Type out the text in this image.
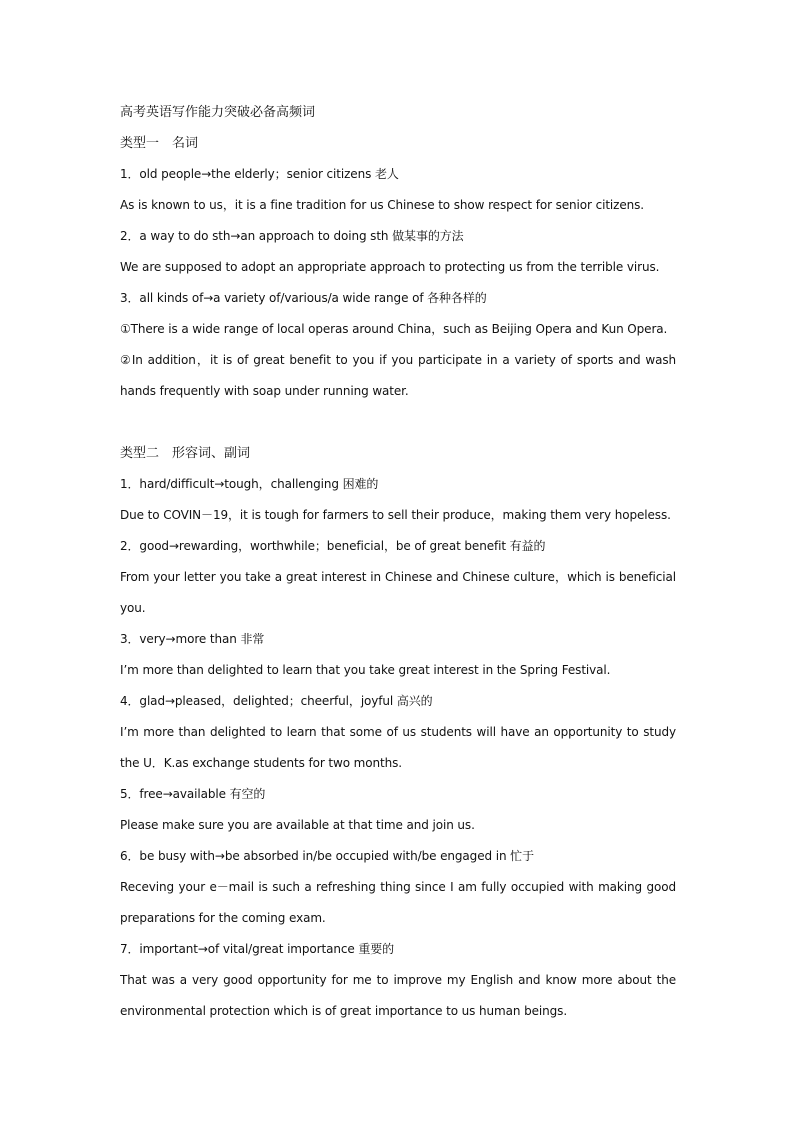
高考英语写作能力突破必备高频词
类型一　名词
1．old people→the elderly；senior citizens 老人
As is known to us，it is a fine tradition for us Chinese to show respect for senior citizens.
2．a way to do sth→an approach to doing sth 做某事的方法
We are supposed to adopt an appropriate approach to protecting us from the terrible virus.
3．all kinds of→a variety of/various/a wide range of 各种各样的
①There is a wide range of local operas around China，such as Beijing Opera and Kun Opera.
②In addition，it is of great benefit to you if you participate in a variety of sports and wash
hands frequently with soap under running water.
类型二　形容词、副词
1．hard/difficult→tough，challenging 困难的
Due to COVIN－19，it is tough for farmers to sell their produce，making them very hopeless.
2．good→rewarding，worthwhile；beneficial，be of great benefit 有益的
From your letter you take a great interest in Chinese and Chinese culture，which is beneficial
you.
3．very→more than 非常
I’m more than delighted to learn that you take great interest in the Spring Festival.
4．glad→pleased，delighted；cheerful，joyful 高兴的
I’m more than delighted to learn that some of us students will have an opportunity to study
the U．K.as exchange students for two months.
5．free→available 有空的
Please make sure you are available at that time and join us.
6．be busy with→be absorbed in/be occupied with/be engaged in 忙于
Receving your e－mail is such a refreshing thing since I am fully occupied with making good
preparations for the coming exam.
7．important→of vital/great importance 重要的
That was a very good opportunity for me to improve my English and know more about the
environmental protection which is of great importance to us human beings.
